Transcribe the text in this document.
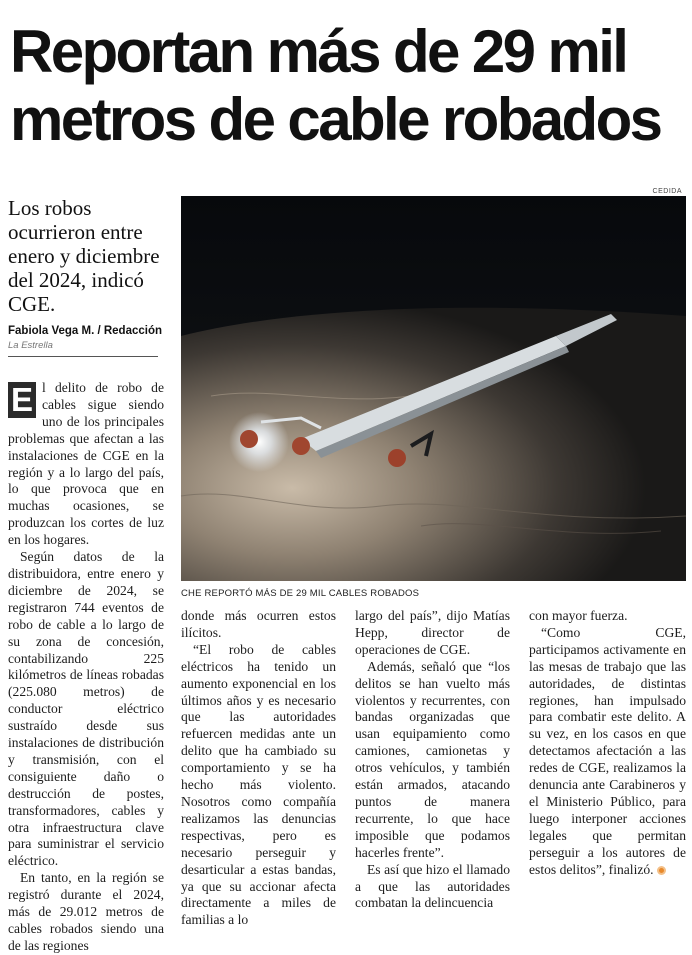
Reportan más de 29 mil
metros de cable robados
Los robos ocurrieron entre enero y diciembre del 2024, indicó CGE.
Fabiola Vega M. / Redacción
La Estrella
CEDIDA
CHE REPORTÓ MÁS DE 29 MIL CABLES ROBADOS
E l delito de robo de cables sigue siendo uno de los principales problemas que afectan a las instalaciones de CGE en la región y a lo largo del país, lo que provoca que en muchas ocasiones, se produzcan los cortes de luz en los hogares.

Según datos de la distribuidora, entre enero y diciembre de 2024, se registraron 744 eventos de robo de cable a lo largo de su zona de concesión, contabilizando 225 kilómetros de líneas robadas (225.080 metros) de conductor eléctrico sustraído desde sus instalaciones de distribución y transmisión, con el consiguiente daño o destrucción de postes, transformadores, cables y otra infraestructura clave para suministrar el servicio eléctrico.

En tanto, en la región se registró durante el 2024, más de 29.012 metros de cables robados siendo una de las regiones

donde más ocurren estos ilícitos.

“El robo de cables eléctricos ha tenido un aumento exponencial en los últimos años y es necesario que las autoridades refuercen medidas ante un delito que ha cambiado su comportamiento y se ha hecho más violento. Nosotros como compañía realizamos las denuncias respectivas, pero es necesario perseguir y desarticular a estas bandas, ya que su accionar afecta directamente a miles de familias a lo

largo del país”, dijo Matías Hepp, director de operaciones de CGE.

Además, señaló que “los delitos se han vuelto más violentos y recurrentes, con bandas organizadas que usan equipamiento como camiones, camionetas y otros vehículos, y también están armados, atacando puntos de manera recurrente, lo que hace imposible que podamos hacerles frente”.

Es así que hizo el llamado a que las autoridades combatan la delincuencia

con mayor fuerza.

“Como CGE, participamos activamente en las mesas de trabajo que las autoridades, de distintas regiones, han impulsado para combatir este delito. A su vez, en los casos en que detectamos afectación a las redes de CGE, realizamos la denuncia ante Carabineros y el Ministerio Público, para luego interponer acciones legales que permitan perseguir a los autores de estos delitos”, finalizó.
